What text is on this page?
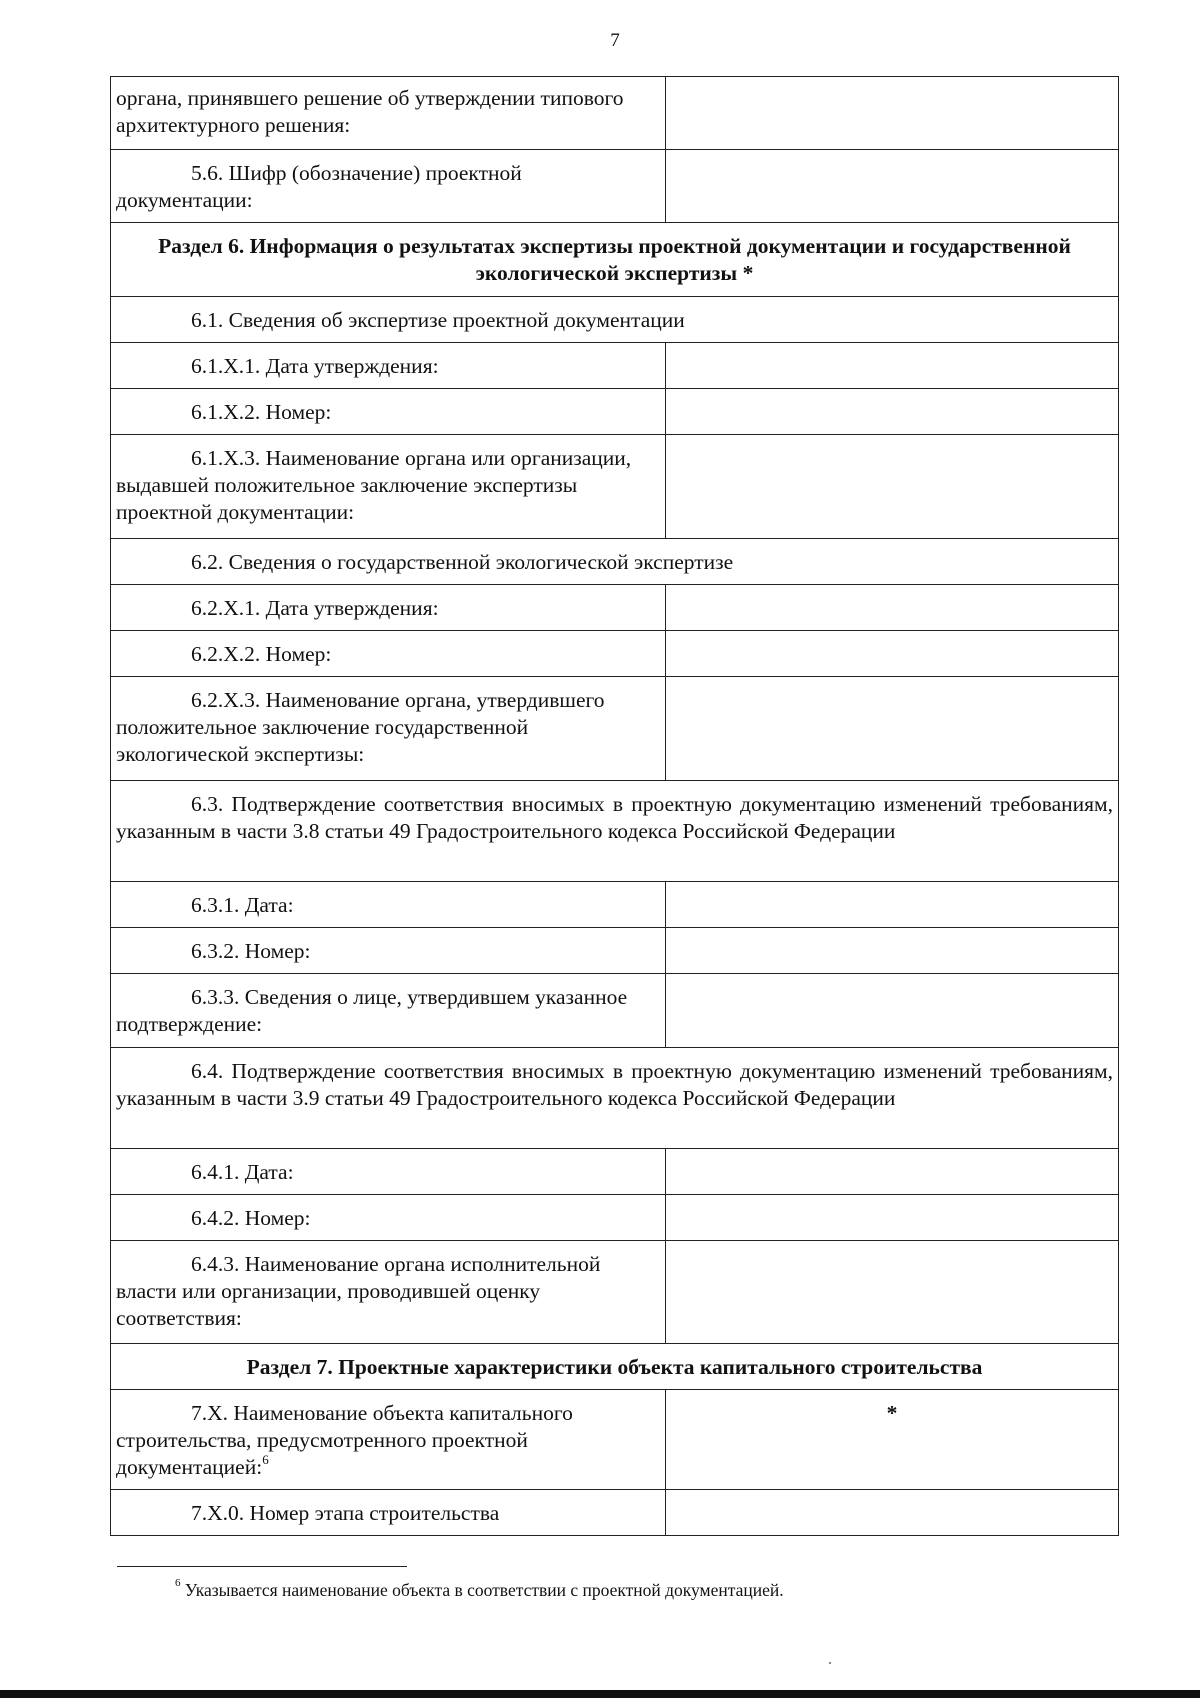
7
органа, принявшего решение об утверждении типового архитектурного решения:	

5.6. Шифр (обозначение) проектной документации:	

Раздел 6. Информация о результатах экспертизы проектной документации и государственной экологической экспертизы *	

6.1. Сведения об экспертизе проектной документации	

6.1.Х.1. Дата утверждения:	

6.1.Х.2. Номер:	

6.1.Х.3. Наименование органа или организации, выдавшей положительное заключение экспертизы проектной документации:	

6.2. Сведения о государственной экологической экспертизе	

6.2.Х.1. Дата утверждения:	

6.2.Х.2. Номер:	

6.2.Х.3. Наименование органа, утвердившего положительное заключение государственной экологической экспертизы:	

6.3. Подтверждение соответствия вносимых в проектную документацию изменений требованиям, указанным в части 3.8 статьи 49 Градостроительного кодекса Российской Федерации	

6.3.1. Дата:	

6.3.2. Номер:	

6.3.3. Сведения о лице, утвердившем указанное подтверждение:	

6.4. Подтверждение соответствия вносимых в проектную документацию изменений требованиям, указанным в части 3.9 статьи 49 Градостроительного кодекса Российской Федерации	

6.4.1. Дата:	

6.4.2. Номер:	

6.4.3. Наименование органа исполнительной власти или организации, проводившей оценку соответствия:	

Раздел 7. Проектные характеристики объекта капитального строительства	

7.Х. Наименование объекта капитального строительства, предусмотренного проектной документацией:$^6$	*

7.Х.0. Номер этапа строительства	

$^6$ Указывается наименование объекта в соответствии с проектной документацией.
